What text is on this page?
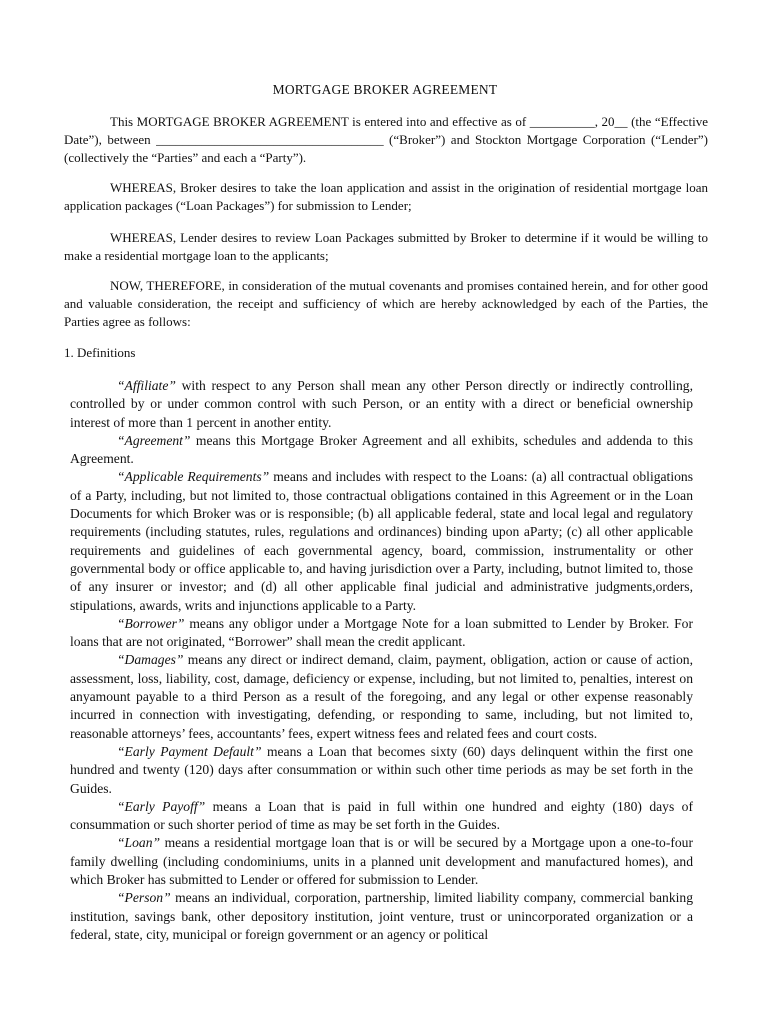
MORTGAGE BROKER AGREEMENT

This MORTGAGE BROKER AGREEMENT is entered into and effective as of __________, 20__ (the “Effective Date”), between ___________________________________ (“Broker”) and Stockton Mortgage Corporation (“Lender”) (collectively the “Parties” and each a “Party”).

WHEREAS, Broker desires to take the loan application and assist in the origination of residential mortgage loan application packages (“Loan Packages”) for submission to Lender;

WHEREAS, Lender desires to review Loan Packages submitted by Broker to determine if it would be willing to make a residential mortgage loan to the applicants;

NOW, THEREFORE, in consideration of the mutual covenants and promises contained herein, and for other good and valuable consideration, the receipt and sufficiency of which are hereby acknowledged by each of the Parties, the Parties agree as follows:

1. Definitions

“Affiliate” with respect to any Person shall mean any other Person directly or indirectly controlling, controlled by or under common control with such Person, or an entity with a direct or beneficial ownership interest of more than 1 percent in another entity.

“Agreement” means this Mortgage Broker Agreement and all exhibits, schedules and addenda to this Agreement.

“Applicable Requirements” means and includes with respect to the Loans: (a) all contractual obligations of a Party, including, but not limited to, those contractual obligations contained in this Agreement or in the Loan Documents for which Broker was or is responsible; (b) all applicable federal, state and local legal and regulatory requirements (including statutes, rules, regulations and ordinances) binding upon aParty; (c) all other applicable requirements and guidelines of each governmental agency, board, commission, instrumentality or other governmental body or office applicable to, and having jurisdiction over a Party, including, butnot limited to, those of any insurer or investor; and (d) all other applicable final judicial and administrative judgments,orders, stipulations, awards, writs and injunctions applicable to a Party.

“Borrower” means any obligor under a Mortgage Note for a loan submitted to Lender by Broker. For loans that are not originated, “Borrower” shall mean the credit applicant.

“Damages” means any direct or indirect demand, claim, payment, obligation, action or cause of action, assessment, loss, liability, cost, damage, deficiency or expense, including, but not limited to, penalties, interest on anyamount payable to a third Person as a result of the foregoing, and any legal or other expense reasonably incurred in connection with investigating, defending, or responding to same, including, but not limited to, reasonable attorneys’ fees, accountants’ fees, expert witness fees and related fees and court costs.

“Early Payment Default” means a Loan that becomes sixty (60) days delinquent within the first one hundred and twenty (120) days after consummation or within such other time periods as may be set forth in the Guides.

“Early Payoff” means a Loan that is paid in full within one hundred and eighty (180) days of consummation or such shorter period of time as may be set forth in the Guides.

“Loan” means a residential mortgage loan that is or will be secured by a Mortgage upon a one-to-four family dwelling (including condominiums, units in a planned unit development and manufactured homes), and which Broker has submitted to Lender or offered for submission to Lender.

“Person” means an individual, corporation, partnership, limited liability company, commercial banking institution, savings bank, other depository institution, joint venture, trust or unincorporated organization or a federal, state, city, municipal or foreign government or an agency or political
